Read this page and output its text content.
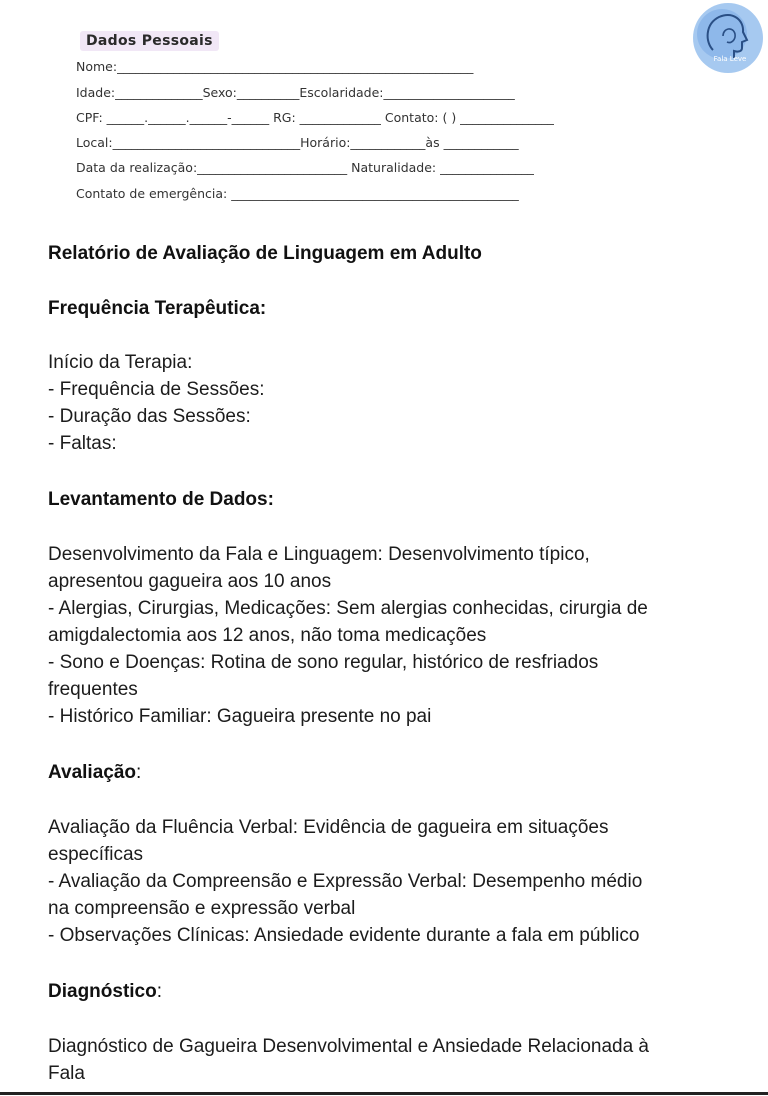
Dados Pessoais
Fala Leve
Nome:_________________________________________________________
Idade:______________Sexo:__________Escolaridade:_____________________
CPF: ______.______.______-______ RG: _____________ Contato: ( ) _______________
Local:______________________________Horário:____________às ____________
Data da realização:________________________ Naturalidade: _______________
Contato de emergência: ______________________________________________
Relatório de Avaliação de Linguagem em Adulto
Frequência Terapêutica:
Início da Terapia:
- Frequência de Sessões:
- Duração das Sessões:
- Faltas:
Levantamento de Dados:
Desenvolvimento da Fala e Linguagem: Desenvolvimento típico,
apresentou gagueira aos 10 anos
- Alergias, Cirurgias, Medicações: Sem alergias conhecidas, cirurgia de
amigdalectomia aos 12 anos, não toma medicações
- Sono e Doenças: Rotina de sono regular, histórico de resfriados
frequentes
- Histórico Familiar: Gagueira presente no pai
Avaliação:
Avaliação da Fluência Verbal: Evidência de gagueira em situações
específicas
- Avaliação da Compreensão e Expressão Verbal: Desempenho médio
na compreensão e expressão verbal
- Observações Clínicas: Ansiedade evidente durante a fala em público
Diagnóstico:
Diagnóstico de Gagueira Desenvolvimental e Ansiedade Relacionada à
Fala
